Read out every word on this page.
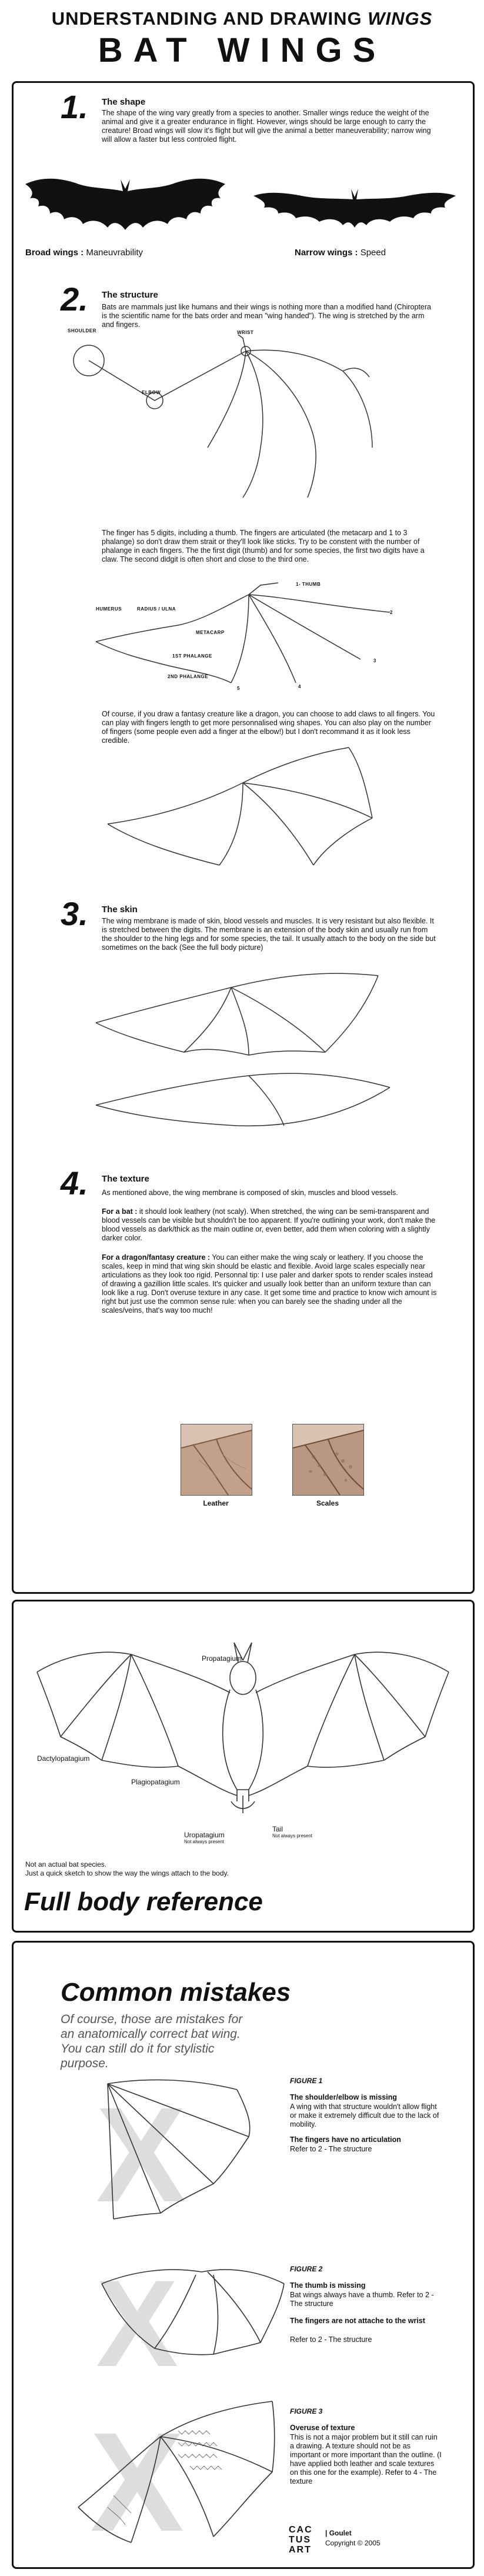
UNDERSTANDING AND DRAWING WINGS
BAT WINGS
1. The shape
The shape of the wing vary greatly from a species to another. Smaller wings reduce the weight of the animal and give it a greater endurance in flight. However, wings should be large enough to carry the creature! Broad wings will slow it's flight but will give the animal a better maneuverability; narrow wing will allow a faster but less controled flight.
Broad wings : Maneuvrability	Narrow wings : Speed
2. The structure
Bats are mammals just like humans and their wings is nothing more than a modified hand (Chiroptera is the scientific name for the bats order and mean "wing handed"). The wing is stretched by the arm and fingers.
SHOULDER
ELBOW
WRIST
The finger has 5 digits, including a thumb. The fingers are articulated (the metacarp and 1 to 3 phalange) so don't draw them strait or they'll look like sticks. Try to be constent with the number of phalange in each fingers. The the first digit (thumb) and for some species, the first two digits have a claw. The second didgit is often short and close to the third one.
1- THUMB
HUMERUS	RADIUS / ULNA
METACARP
1ST PHALANGE
2ND PHALANGE
2
3
4
5
Of course, if you draw a fantasy creature like a dragon, you can choose to add claws to all fingers. You can play with fingers length to get more personnalised wing shapes. You can also play on the number of fingers (some people even add a finger at the elbow!) but I don't recommand it as it look less credible.
3. The skin
The wing membrane is made of skin, blood vessels and muscles. It is very resistant but also flexible. It is stretched between the digits. The membrane is an extension of the body skin and usually run from the shoulder to the hing legs and for some species, the tail. It usually attach to the body on the side but sometimes on the back (See the full body picture)
4. The texture
As mentioned above, the wing membrane is composed of skin, muscles and blood vessels.
For a bat : it should look leathery (not scaly). When stretched, the wing can be semi-transparent and blood vessels can be visible but shouldn't be too apparent. If you're outlining your work, don't make the blood vessels as dark/thick as the main outline or, even better, add them when coloring with a slightly darker color.
For a dragon/fantasy creature : You can either make the wing scaly or leathery. If you choose the scales, keep in mind that wing skin should be elastic and flexible. Avoid large scales especially near articulations as they look too rigid. Personnal tip: I use paler and darker spots to render scales instead of drawing a gazillion little scales. It's quicker and usually look better than an uniform texture than can look like a rug. Don't overuse texture in any case. It get some time and practice to know wich amount is right but just use the common sense rule: when you can barely see the shading under all the scales/veins, that's way too much!
Leather	Scales
Propatagium
Dactylopatagium
Plagiopatagium
Uropatagium
Not always present
Tail
Not always present
Not an actual bat species.
Just a quick sketch to show the way the wings attach to the body.
Full body reference
Common mistakes
Of course, those are mistakes for an anatomically correct bat wing. You can still do it for stylistic purpose.
X	FIGURE 1
The shoulder/elbow is missing
A wing with that structure wouldn't allow flight or make it extremely difficult due to the lack of mobility.
The fingers have no articulation
Refer to 2 - The structure
X	FIGURE 2
The thumb is missing
Bat wings always have a thumb. Refer to 2 - The structure
The fingers are not attache to the wrist
Refer to 2 - The structure
X	FIGURE 3
Overuse of texture
This is not a major problem but it still can ruin a drawing. A texture should not be as important or more important than the outline. (I have applied both leather and scale textures on this one for the example). Refer to 4 - The texture
CAC
TUS
ART
| Goulet
Copyright © 2005
